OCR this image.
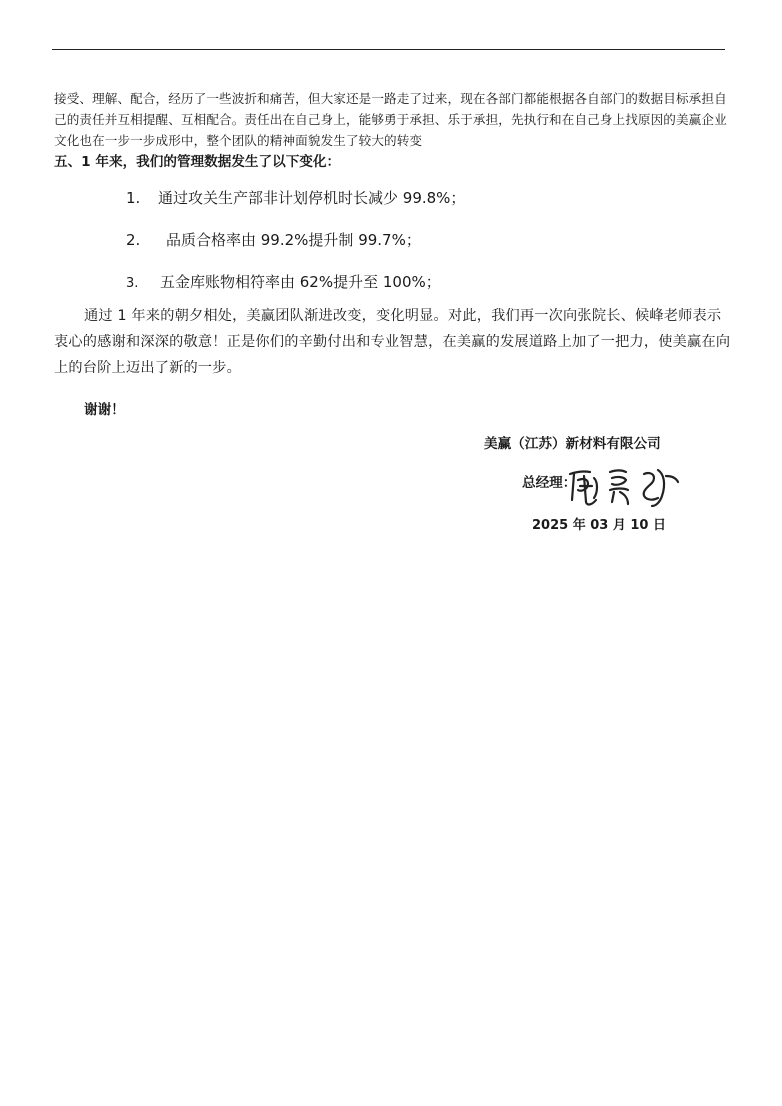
接受、理解、配合，经历了一些波折和痛苦，但大家还是一路走了过来，现在各部门都能根据各自部门的数据目标承担自己的责任并互相提醒、互相配合。责任出在自己身上，能够勇于承担、乐于承担，先执行和在自己身上找原因的美赢企业文化也在一步一步成形中，整个团队的精神面貌发生了较大的转变
五、1 年来，我们的管理数据发生了以下变化：
1. 通过攻关生产部非计划停机时长减少 99.8%；
2. 品质合格率由 99.2%提升制 99.7%；
3. 五金库账物相符率由 62%提升至 100%；
通过 1 年来的朝夕相处，美赢团队渐进改变，变化明显。对此，我们再一次向张院长、候峰老师表示衷心的感谢和深深的敬意！正是你们的辛勤付出和专业智慧，在美赢的发展道路上加了一把力，使美赢在向上的台阶上迈出了新的一步。
谢谢！
美赢（江苏）新材料有限公司
总经理：
2025 年 03 月 10 日
